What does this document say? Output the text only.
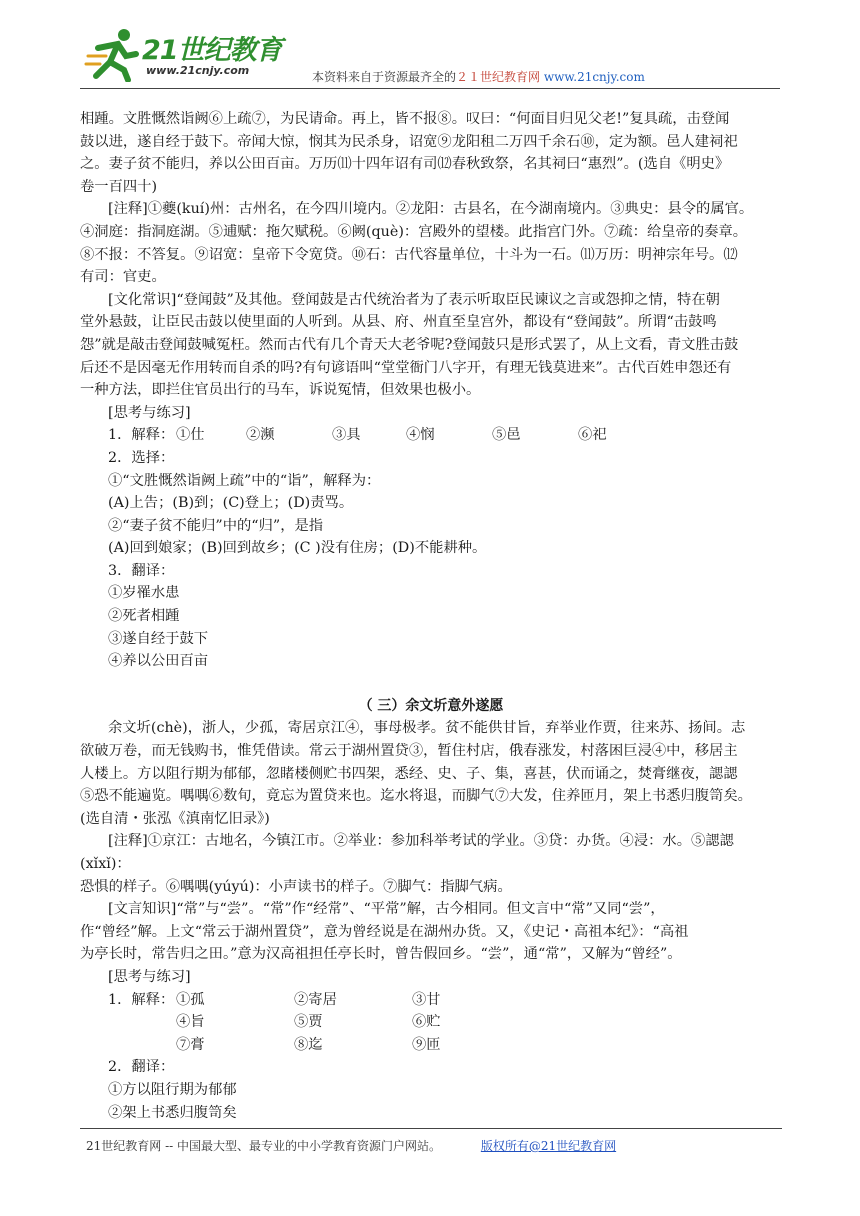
21世纪教育
www.21cnjy.com	本资料来自于资源最齐全的２１世纪教育网 www.21cnjy.com

相踵。文胜慨然诣阙⑥上疏⑦，为民请命。再上，皆不报⑧。叹曰：“何面目归见父老!”复具疏，击登闻

鼓以进，遂自经于鼓下。帝闻大惊，悯其为民杀身，诏宽⑨龙阳租二万四千余石⑩，定为额。邑人建祠祀

之。妻子贫不能归，养以公田百亩。万历⑾十四年诏有司⑿春秋致祭，名其祠曰“惠烈”。(选自《明史》

卷一百四十)

[注释]①夔(kuí)州：古州名，在今四川境内。②龙阳：古县名，在今湖南境内。③典史：县令的属官。

④洞庭：指洞庭湖。⑤逋赋：拖欠赋税。⑥阙(què)：宫殿外的望楼。此指宫门外。⑦疏：给皇帝的奏章。

⑧不报：不答复。⑨诏宽：皇帝下令宽贷。⑩石：古代容量单位，十斗为一石。⑾万历：明神宗年号。⑿

有司：官吏。

[文化常识]“登闻鼓”及其他。登闻鼓是古代统治者为了表示听取臣民谏议之言或怨抑之情，特在朝

堂外悬鼓，让臣民击鼓以使里面的人听到。从县、府、州直至皇宫外，都设有“登闻鼓”。所谓“击鼓鸣

怨”就是敲击登闻鼓喊冤枉。然而古代有几个青天大老爷呢?登闻鼓只是形式罢了，从上文看，青文胜击鼓

后还不是因毫无作用转而自杀的吗?有句谚语叫“堂堂衙门八字开，有理无钱莫进来”。古代百姓申怨还有

一种方法，即拦住官员出行的马车，诉说冤情，但效果也极小。

[思考与练习]

1．解释： ①仕	②濒	③具	④悯	⑤邑	⑥祀

2．选择：

①“文胜慨然诣阙上疏”中的“诣”，解释为：

(A)上告；(B)到；(C)登上；(D)责骂。

②“妻子贫不能归”中的“归”，是指

(A)回到娘家；(B)回到故乡；(C )没有住房；(D)不能耕种。

3．翻译：

①岁罹水患

②死者相踵

③遂自经于鼓下

④养以公田百亩

（ 三）余文圻意外遂愿

余文圻(chè)，浙人，少孤，寄居京江④，事母极孝。贫不能供甘旨，弃举业作贾，往来苏、扬间。志

欲破万卷，而无钱购书，惟凭借读。常云于湖州置贷③，暂住村店，俄春涨发，村落困巨浸④中，移居主

人楼上。方以阻行期为郁郁，忽睹楼侧贮书四架，悉经、史、子、集，喜甚，伏而诵之，焚膏继夜，諰諰

⑤恐不能遍览。喁喁⑥数旬，竟忘为置贷来也。迄水将退，而脚气⑦大发，住养匝月，架上书悉归腹笥矣。

(选自清・张泓《滇南忆旧录》)

[注释]①京江：古地名，今镇江市。②举业：参加科举考试的学业。③贷：办货。④浸：水。⑤諰諰(xǐxǐ)：

恐惧的样子。⑥喁喁(yúyú)：小声读书的样子。⑦脚气：指脚气病。

[文言知识]“常”与“尝”。“常”作“经常”、“平常”解，古今相同。但文言中“常”又同“尝”，

作“曾经”解。上文“常云于湖州置贷”，意为曾经说是在湖州办货。又，《史记・高祖本纪》：“高祖

为亭长时，常告归之田。”意为汉高祖担任亭长时，曾告假回乡。“尝”，通“常”，又解为“曾经”。

[思考与练习]

1．解释： ①孤	②寄居	③甘
④旨	⑤贾	⑥贮
⑦膏	⑧迄	⑨匝

2．翻译：

①方以阻行期为郁郁

②架上书悉归腹笥矣

21世纪教育网 -- 中国最大型、最专业的中小学教育资源门户网站。	版权所有@21世纪教育网
